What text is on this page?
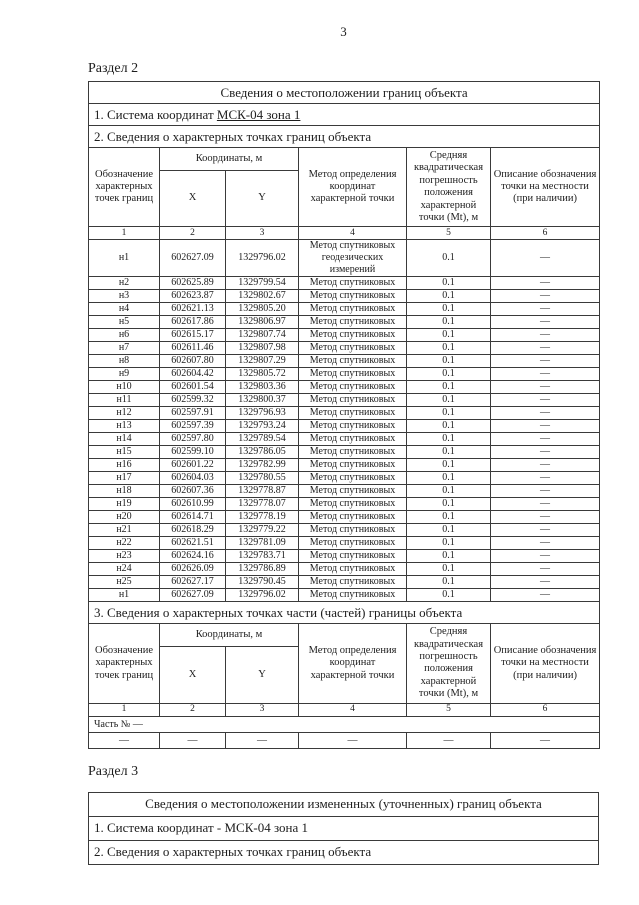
3
Раздел 2
Сведения о местоположении границ объекта					
1. Система координат МСК-04 зона 1					
2. Сведения о характерных точках границ объекта					
Обозначение характерных точек границ	Координаты, м		Метод определения координат характерной точки	Средняя квадратическая погрешность положения характерной точки (Mt), м	Описание обозначения точки на местности (при наличии)
	X	Y			
1	2	3	4	5	6
н1	602627.09	1329796.02	Метод спутниковых геодезических измерений	0.1	—
н2	602625.89	1329799.54	Метод спутниковых	0.1	—
н3	602623.87	1329802.67	Метод спутниковых	0.1	—
н4	602621.13	1329805.20	Метод спутниковых	0.1	—
н5	602617.86	1329806.97	Метод спутниковых	0.1	—
н6	602615.17	1329807.74	Метод спутниковых	0.1	—
н7	602611.46	1329807.98	Метод спутниковых	0.1	—
н8	602607.80	1329807.29	Метод спутниковых	0.1	—
н9	602604.42	1329805.72	Метод спутниковых	0.1	—
н10	602601.54	1329803.36	Метод спутниковых	0.1	—
н11	602599.32	1329800.37	Метод спутниковых	0.1	—
н12	602597.91	1329796.93	Метод спутниковых	0.1	—
н13	602597.39	1329793.24	Метод спутниковых	0.1	—
н14	602597.80	1329789.54	Метод спутниковых	0.1	—
н15	602599.10	1329786.05	Метод спутниковых	0.1	—
н16	602601.22	1329782.99	Метод спутниковых	0.1	—
н17	602604.03	1329780.55	Метод спутниковых	0.1	—
н18	602607.36	1329778.87	Метод спутниковых	0.1	—
н19	602610.99	1329778.07	Метод спутниковых	0.1	—
н20	602614.71	1329778.19	Метод спутниковых	0.1	—
н21	602618.29	1329779.22	Метод спутниковых	0.1	—
н22	602621.51	1329781.09	Метод спутниковых	0.1	—
н23	602624.16	1329783.71	Метод спутниковых	0.1	—
н24	602626.09	1329786.89	Метод спутниковых	0.1	—
н25	602627.17	1329790.45	Метод спутниковых	0.1	—
н1	602627.09	1329796.02	Метод спутниковых	0.1	—
3. Сведения о характерных точках части (частей) границы объекта					
Обозначение характерных точек границ	Координаты, м		Метод определения координат характерной точки	Средняя квадратическая погрешность положения характерной точки (Mt), м	Описание обозначения точки на местности (при наличии)
	X	Y			
1	2	3	4	5	6
Часть № —					
—	—	—	—	—	—
Раздел 3
Сведения о местоположении измененных (уточненных) границ объекта
1. Система координат - МСК-04 зона 1
2. Сведения о характерных точках границ объекта
